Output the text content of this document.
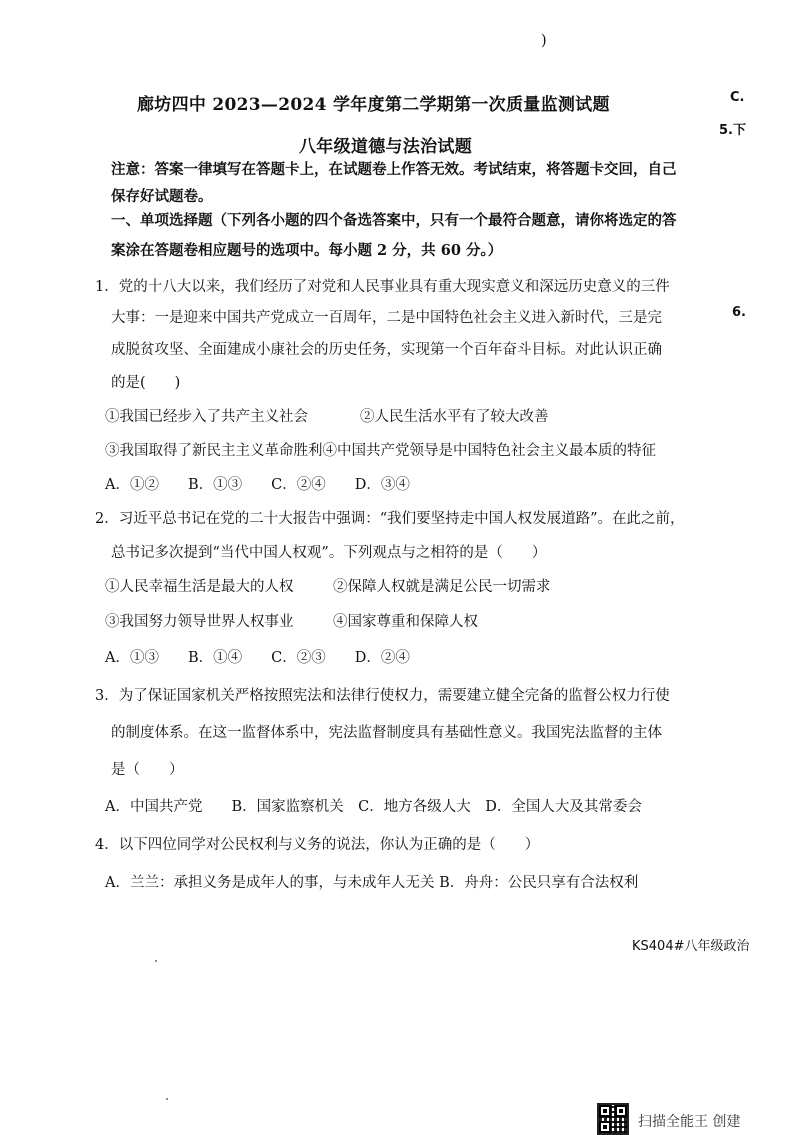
)
C.
5.下
6.
廊坊四中 2023—2024 学年度第二学期第一次质量监测试题
八年级道德与法治试题
注意：答案一律填写在答题卡上，在试题卷上作答无效。考试结束，将答题卡交回，自己
保存好试题卷。
一、单项选择题（下列各小题的四个备选答案中，只有一个最符合题意，请你将选定的答
案涂在答题卷相应题号的选项中。每小题 2 分，共 60 分。）
1．党的十八大以来，我们经历了对党和人民事业具有重大现实意义和深远历史意义的三件
大事：一是迎来中国共产党成立一百周年，二是中国特色社会主义进入新时代，三是完
成脱贫攻坚、全面建成小康社会的历史任务，实现第一个百年奋斗目标。对此认识正确
的是(　　)
①我国已经步入了共产主义社会	②人民生活水平有了较大改善
③我国取得了新民主主义革命胜利④中国共产党领导是中国特色社会主义最本质的特征
A．①②　　B．①③　　C．②④　　D．③④
2．习近平总书记在党的二十大报告中强调：“我们要坚持走中国人权发展道路”。在此之前，
总书记多次提到“当代中国人权观”。下列观点与之相符的是（　　）
①人民幸福生活是最大的人权	②保障人权就是满足公民一切需求
③我国努力领导世界人权事业	④国家尊重和保障人权
A．①③　　B．①④　　C．②③　　D．②④
3．为了保证国家机关严格按照宪法和法律行使权力，需要建立健全完备的监督公权力行使
的制度体系。在这一监督体系中，宪法监督制度具有基础性意义。我国宪法监督的主体
是（　　）
A．中国共产党　　B．国家监察机关　C．地方各级人大　D．全国人大及其常委会
4．以下四位同学对公民权利与义务的说法，你认为正确的是（　　）
A．兰兰：承担义务是成年人的事，与未成年人无关 B．舟舟：公民只享有合法权利
KS404#八年级政治
扫描全能王 创建
